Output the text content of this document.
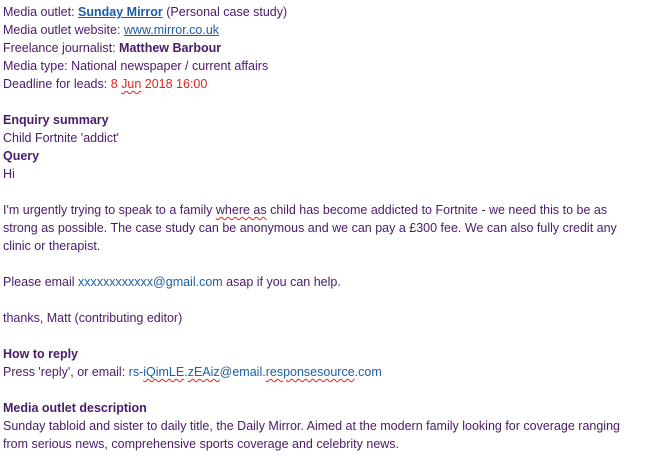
Media outlet: Sunday Mirror (Personal case study)
Media outlet website: www.mirror.co.uk
Freelance journalist: Matthew Barbour
Media type: National newspaper / current affairs
Deadline for leads: 8 Jun 2018 16:00
Enquiry summary
Child Fortnite 'addict'
Query
Hi
I'm urgently trying to speak to a family where as child has become addicted to Fortnite - we need this to be as strong as possible. The case study can be anonymous and we can pay a £300 fee. We can also fully credit any clinic or therapist.
Please email xxxxxxxxxxxx@gmail.com asap if you can help.
thanks, Matt (contributing editor)
How to reply
Press 'reply', or email: rs-iQimLE.zEAiz@email.responsesource.com
Media outlet description
Sunday tabloid and sister to daily title, the Daily Mirror. Aimed at the modern family looking for coverage ranging from serious news, comprehensive sports coverage and celebrity news.
